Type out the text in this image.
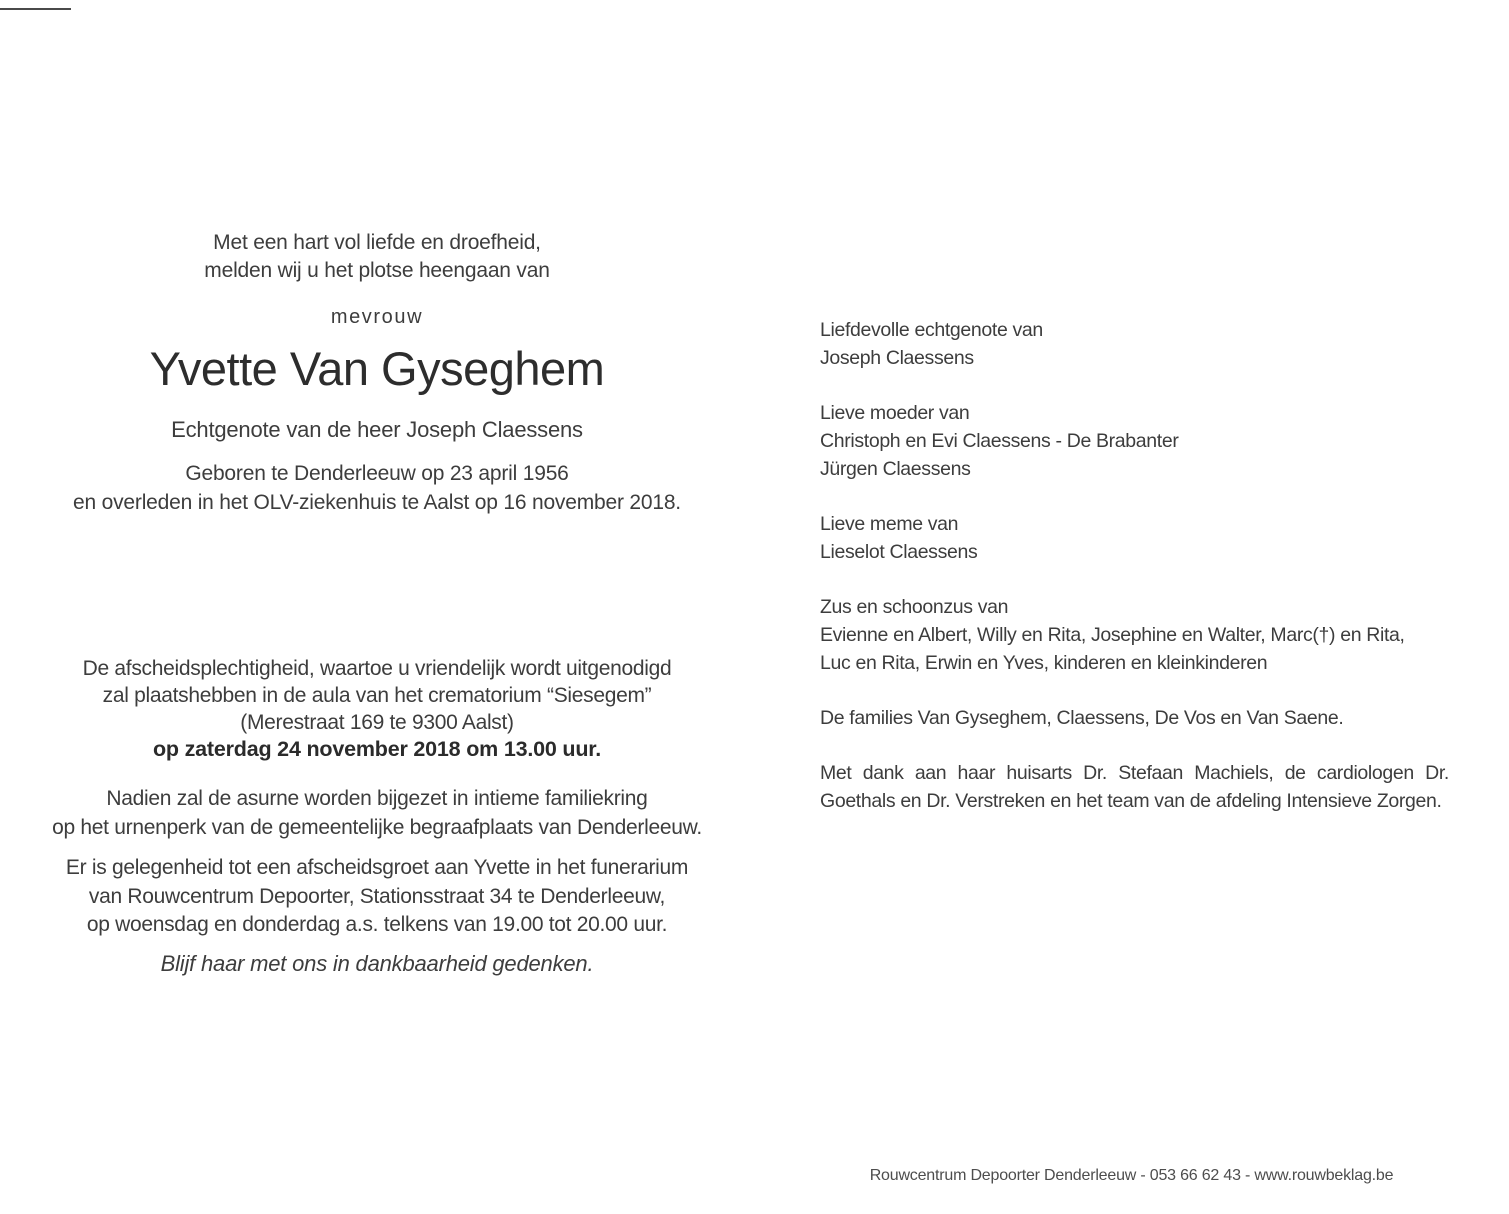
Met een hart vol liefde en droefheid,
melden wij u het plotse heengaan van
mevrouw
Yvette Van Gyseghem
Echtgenote van de heer Joseph Claessens
Geboren te Denderleeuw op 23 april 1956
en overleden in het OLV-ziekenhuis te Aalst op 16 november 2018.
De afscheidsplechtigheid, waartoe u vriendelijk wordt uitgenodigd
zal plaatshebben in de aula van het crematorium “Siesegem”
(Merestraat 169 te 9300 Aalst)
op zaterdag 24 november 2018 om 13.00 uur.
Nadien zal de asurne worden bijgezet in intieme familiekring
op het urnenperk van de gemeentelijke begraafplaats van Denderleeuw.
Er is gelegenheid tot een afscheidsgroet aan Yvette in het funerarium
van Rouwcentrum Depoorter, Stationsstraat 34 te Denderleeuw,
op woensdag en donderdag a.s. telkens van 19.00 tot 20.00 uur.
Blijf haar met ons in dankbaarheid gedenken.
Liefdevolle echtgenote van
Joseph Claessens
Lieve moeder van
Christoph en Evi Claessens - De Brabanter
Jürgen Claessens
Lieve meme van
Lieselot Claessens
Zus en schoonzus van
Evienne en Albert, Willy en Rita, Josephine en Walter, Marc(†) en Rita,
Luc en Rita, Erwin en Yves, kinderen en kleinkinderen
De families Van Gyseghem, Claessens, De Vos en Van Saene.
Met dank aan haar huisarts Dr. Stefaan Machiels, de cardiologen Dr.
Goethals en Dr. Verstreken en het team van de afdeling Intensieve Zorgen.
Rouwcentrum Depoorter Denderleeuw - 053 66 62 43 - www.rouwbeklag.be
